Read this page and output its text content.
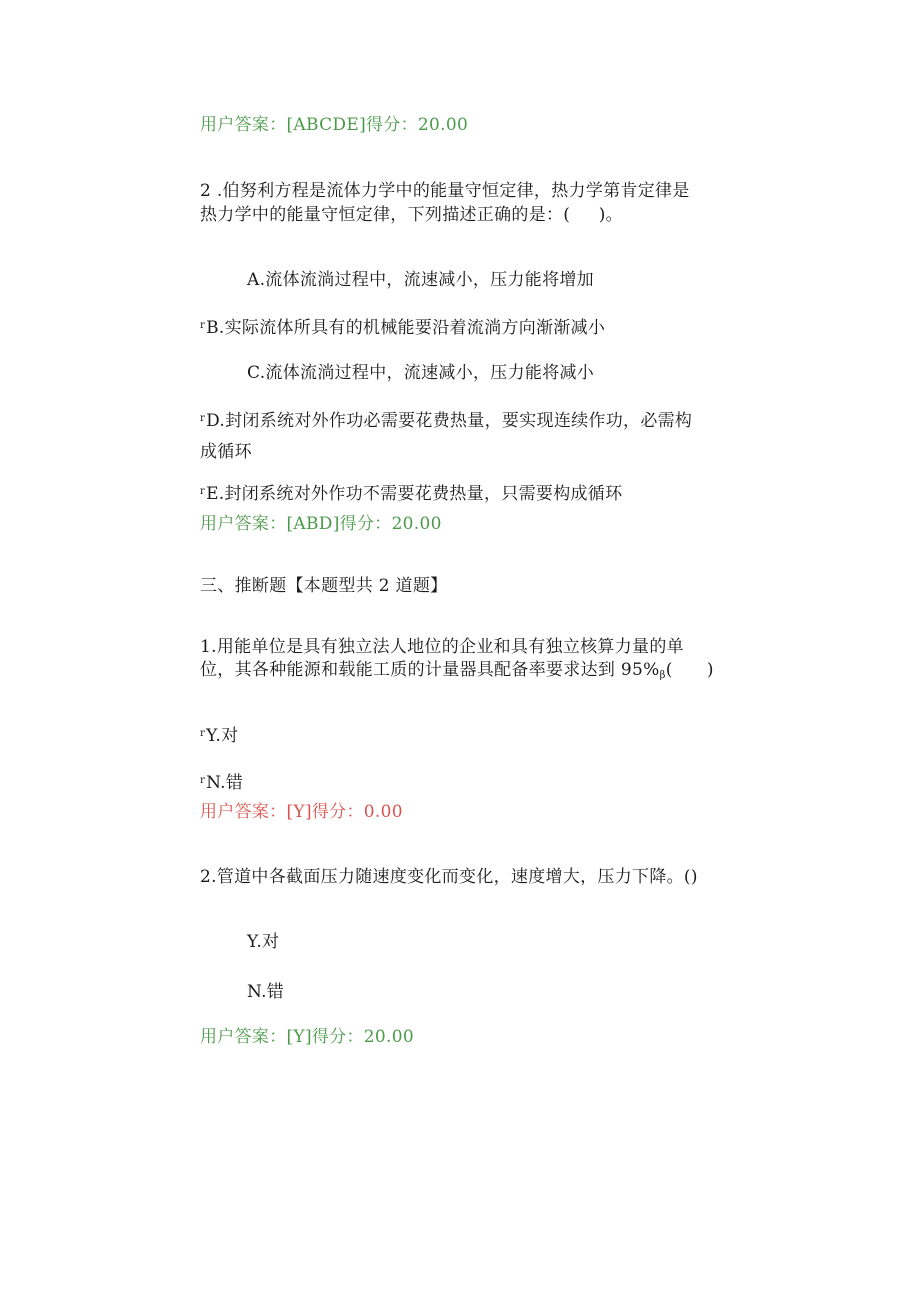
用户答案：[ABCDE]得分：20.00
2 .伯努利方程是流体力学中的能量守恒定律，热力学第肯定律是
热力学中的能量守恒定律，下列描述正确的是：(     )。
A.流体流淌过程中，流速减小，压力能将增加
$^r$B.实际流体所具有的机械能要沿着流淌方向渐渐减小
C.流体流淌过程中，流速减小，压力能将减小
$^r$D.封闭系统对外作功必需要花费热量，要实现连续作功，必需构
成循环
$^r$E.封闭系统对外作功不需要花费热量，只需要构成循环
用户答案：[ABD]得分：20.00
三、推断题【本题型共 2 道题】
1.用能单位是具有独立法人地位的企业和具有独立核算力量的单
位，其各种能源和载能工质的计量器具配备率要求达到 $95\%_\beta$(      )
$^r$Y.对
$^r$N.错
用户答案：[Y]得分：0.00
2.管道中各截面压力随速度变化而变化，速度增大，压力下降。()
Y.对
N.错
用户答案：[Y]得分：20.00
